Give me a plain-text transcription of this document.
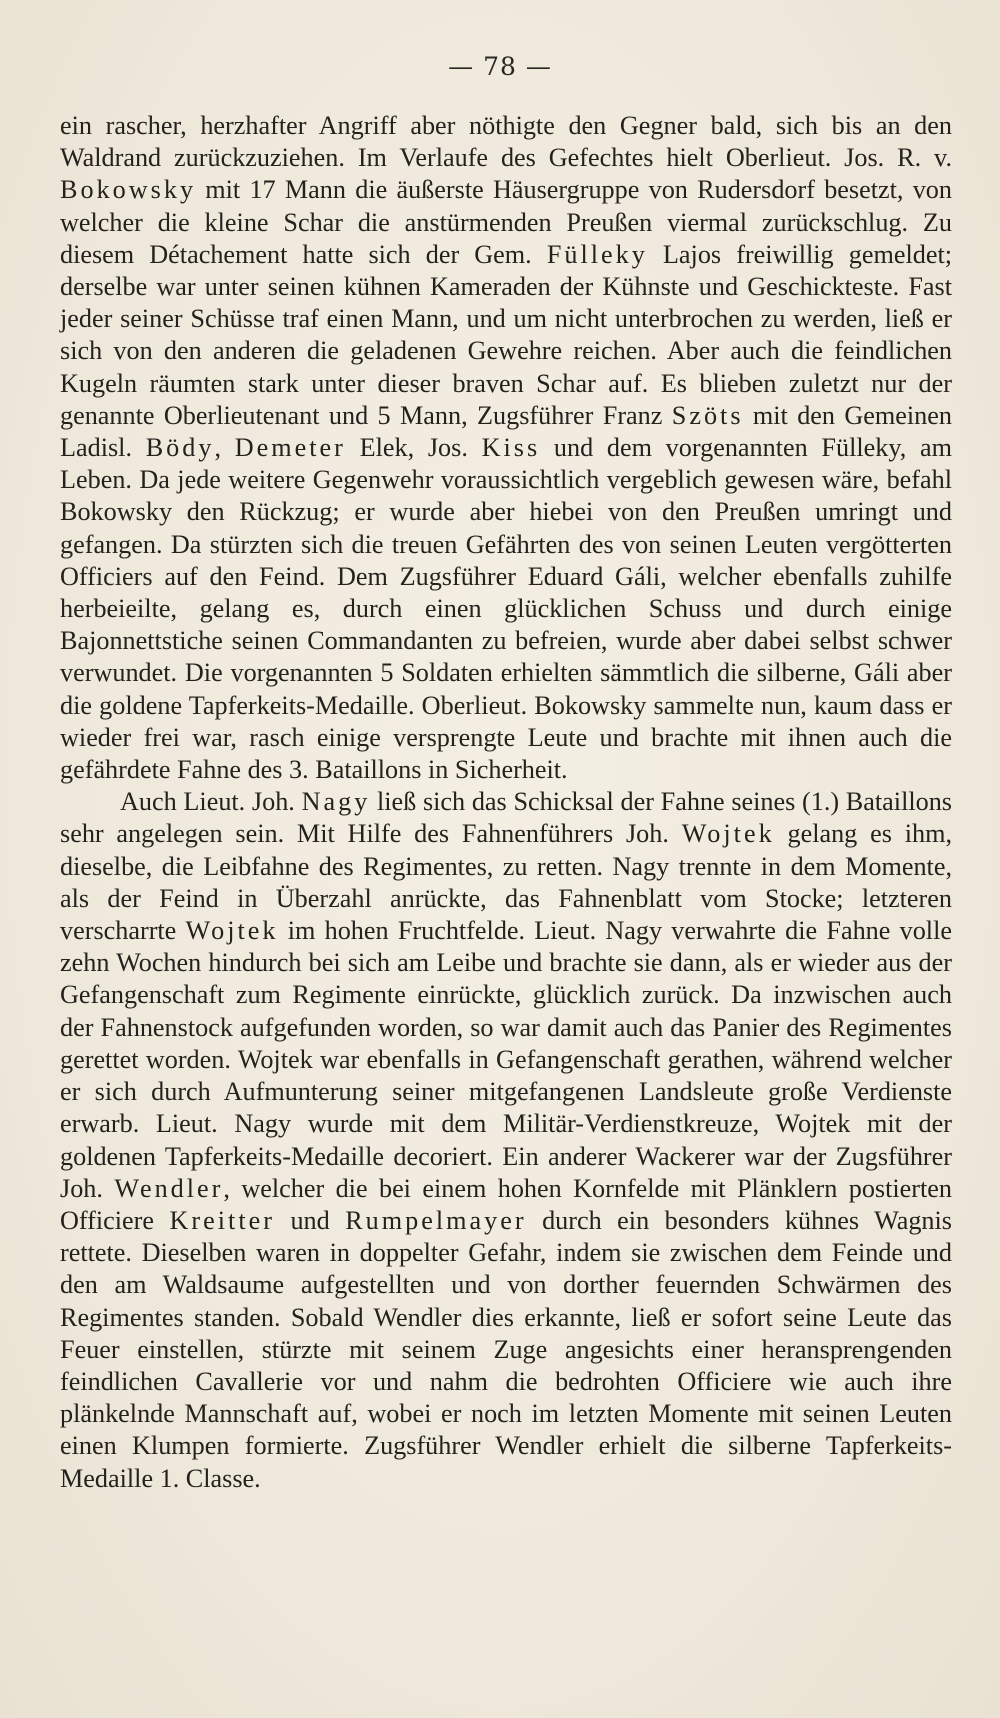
— 78 —

ein rascher, herzhafter Angriff aber nöthigte den Gegner bald, sich bis an den Waldrand zurückzuziehen. Im Verlaufe des Gefechtes hielt Oberlieut. Jos. R. v. Bokowsky mit 17 Mann die äußerste Häusergruppe von Rudersdorf besetzt, von welcher die kleine Schar die anstürmenden Preußen viermal zurückschlug. Zu diesem Détachement hatte sich der Gem. Fülleky Lajos freiwillig gemeldet; derselbe war unter seinen kühnen Kameraden der Kühnste und Geschickteste. Fast jeder seiner Schüsse traf einen Mann, und um nicht unterbrochen zu werden, ließ er sich von den anderen die geladenen Gewehre reichen. Aber auch die feindlichen Kugeln räumten stark unter dieser braven Schar auf. Es blieben zuletzt nur der genannte Oberlieutenant und 5 Mann, Zugsführer Franz Szöts mit den Gemeinen Ladisl. Bödy, Demeter Elek, Jos. Kiss und dem vorgenannten Fülleky, am Leben. Da jede weitere Gegenwehr voraussichtlich vergeblich gewesen wäre, befahl Bokowsky den Rückzug; er wurde aber hiebei von den Preußen umringt und gefangen. Da stürzten sich die treuen Gefährten des von seinen Leuten vergötterten Officiers auf den Feind. Dem Zugsführer Eduard Gáli, welcher ebenfalls zuhilfe herbeieilte, gelang es, durch einen glücklichen Schuss und durch einige Bajonnettstiche seinen Commandanten zu befreien, wurde aber dabei selbst schwer verwundet. Die vorgenannten 5 Soldaten erhielten sämmtlich die silberne, Gáli aber die goldene Tapferkeits-Medaille. Oberlieut. Bokowsky sammelte nun, kaum dass er wieder frei war, rasch einige versprengte Leute und brachte mit ihnen auch die gefährdete Fahne des 3. Bataillons in Sicherheit.

Auch Lieut. Joh. Nagy ließ sich das Schicksal der Fahne seines (1.) Bataillons sehr angelegen sein. Mit Hilfe des Fahnenführers Joh. Wojtek gelang es ihm, dieselbe, die Leibfahne des Regimentes, zu retten. Nagy trennte in dem Momente, als der Feind in Überzahl anrückte, das Fahnenblatt vom Stocke; letzteren verscharrte Wojtek im hohen Fruchtfelde. Lieut. Nagy verwahrte die Fahne volle zehn Wochen hindurch bei sich am Leibe und brachte sie dann, als er wieder aus der Gefangenschaft zum Regimente einrückte, glücklich zurück. Da inzwischen auch der Fahnenstock aufgefunden worden, so war damit auch das Panier des Regimentes gerettet worden. Wojtek war ebenfalls in Gefangenschaft gerathen, während welcher er sich durch Aufmunterung seiner mitgefangenen Landsleute große Verdienste erwarb. Lieut. Nagy wurde mit dem Militär-Verdienstkreuze, Wojtek mit der goldenen Tapferkeits-Medaille decoriert. Ein anderer Wackerer war der Zugsführer Joh. Wendler, welcher die bei einem hohen Kornfelde mit Plänklern postierten Officiere Kreitter und Rumpelmayer durch ein besonders kühnes Wagnis rettete. Dieselben waren in doppelter Gefahr, indem sie zwischen dem Feinde und den am Waldsaume aufgestellten und von dorther feuernden Schwärmen des Regimentes standen. Sobald Wendler dies erkannte, ließ er sofort seine Leute das Feuer einstellen, stürzte mit seinem Zuge angesichts einer heransprengenden feindlichen Cavallerie vor und nahm die bedrohten Officiere wie auch ihre plänkelnde Mannschaft auf, wobei er noch im letzten Momente mit seinen Leuten einen Klumpen formierte. Zugsführer Wendler erhielt die silberne Tapferkeits-Medaille 1. Classe.
